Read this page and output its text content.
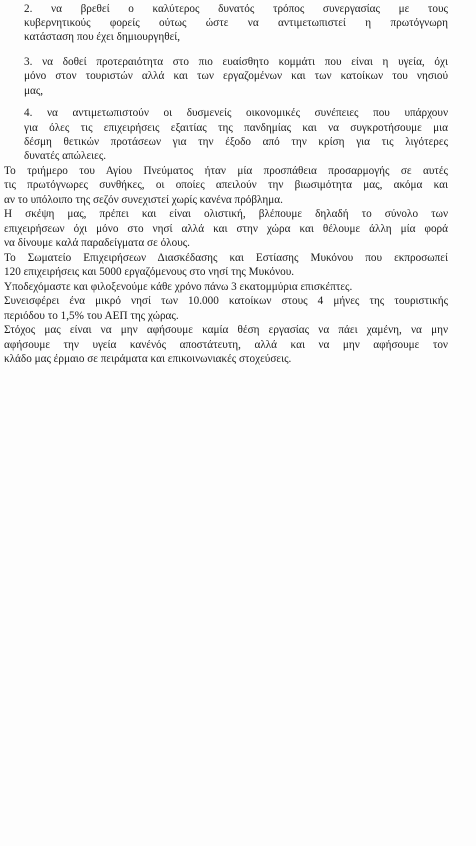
2. να βρεθεί ο καλύτερος δυνατός τρόπος συνεργασίας με τους
κυβερνητικούς φορείς ούτως ώστε να αντιμετωπιστεί η πρωτόγνωρη
κατάσταση που έχει δημιουργηθεί,
3. να δοθεί προτεραιότητα στο πιο ευαίσθητο κομμάτι που είναι η υγεία, όχι
μόνο στον τουριστών αλλά και των εργαζομένων και των κατοίκων του νησιού
μας,
4. να αντιμετωπιστούν οι δυσμενείς οικονομικές συνέπειες που υπάρχουν
για όλες τις επιχειρήσεις εξαιτίας της πανδημίας και να συγκροτήσουμε μια
δέσμη θετικών προτάσεων για την έξοδο από την κρίση για τις λιγότερες
δυνατές απώλειες.
Το τριήμερο του Αγίου Πνεύματος ήταν μία προσπάθεια προσαρμογής σε αυτές
τις πρωτόγνωρες συνθήκες, οι οποίες απειλούν την βιωσιμότητα μας, ακόμα και
αν το υπόλοιπο της σεζόν συνεχιστεί χωρίς κανένα πρόβλημα.
Η σκέψη μας, πρέπει και είναι ολιστική, βλέπουμε δηλαδή το σύνολο των
επιχειρήσεων όχι μόνο στο νησί αλλά και στην χώρα και θέλουμε άλλη μία φορά
να δίνουμε καλά παραδείγματα σε όλους.
Το Σωματείο Επιχειρήσεων Διασκέδασης και Εστίασης Μυκόνου που εκπροσωπεί
120 επιχειρήσεις και 5000 εργαζόμενους στο νησί της Μυκόνου.
Υποδεχόμαστε και φιλοξενούμε κάθε χρόνο πάνω 3 εκατομμύρια επισκέπτες.
Συνεισφέρει ένα μικρό νησί των 10.000 κατοίκων στους 4 μήνες της τουριστικής
περιόδου το 1,5% του ΑΕΠ της χώρας.
Στόχος μας είναι να μην αφήσουμε καμία θέση εργασίας να πάει χαμένη, να μην
αφήσουμε την υγεία κανένός αποστάτευτη, αλλά και να μην αφήσουμε τον
κλάδο μας έρμαιο σε πειράματα και επικοινωνιακές στοχεύσεις.
